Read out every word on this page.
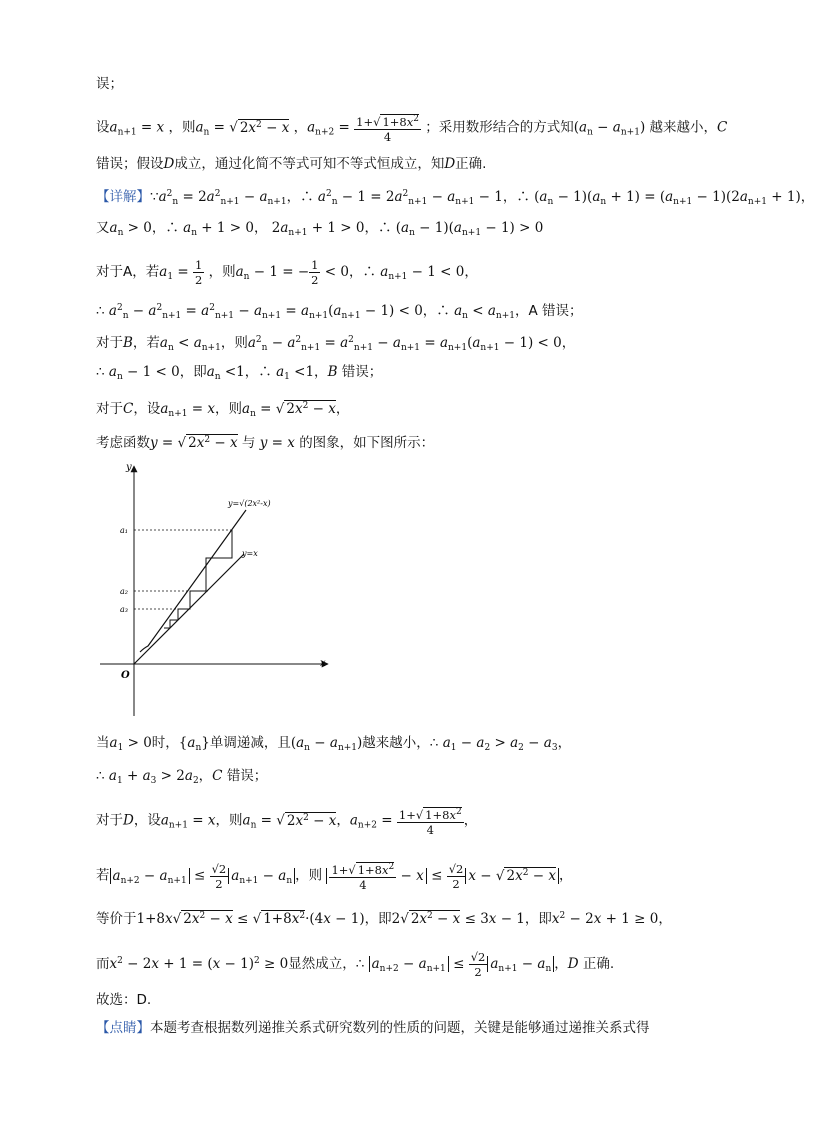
误；
设$a_{n+1} = x$ ，则$a_n$ = √ $2x^2 - x$ ，$a_{n+2} = \frac{1+√ 1+8x^2}{4}$ ；采用数形结合的方式知$(a_n - a_{n+1})$ 越来越小，C
错误；假设D成立，通过化简不等式可知不等式恒成立，知D正确.
【详解】$\because a^2_n = 2a^2_{n+1} - a_{n+1}$，∴ $a^2_n - 1 = 2a^2_{n+1} - a_{n+1} - 1$，∴ $(a_n - 1)(a_n + 1) = (a_{n+1} - 1)(2a_{n+1} + 1)$，
又$a_n > 0$，∴ $a_n + 1 > 0$， $2a_{n+1} + 1 > 0$，∴ $(a_n - 1)(a_{n+1} - 1) > 0$
对于A，若$a_1 = \frac{1}{2}$ ，则$a_n - 1$ = − $\frac{1}{2} < 0$，∴ $a_{n+1} - 1 < 0$，
∴ $a^2_n - a^2_{n+1} = a^2_{n+1} - a_{n+1} = a_{n+1}(a_{n+1} - 1) < 0$，∴ $a_n < a_{n+1}$，A 错误；
对于B，若$a_n < a_{n+1}$，则$a^2_n - a^2_{n+1} = a^2_{n+1} - a_{n+1} = a_{n+1}(a_{n+1} - 1) < 0$，
∴ $a_n - 1 < 0$，即$a_n <1$，∴ $a_1 <1$，B 错误；
对于C，设$a_{n+1} = x$，则$a_n$ = √ $2x^2 - x$，
考虑函数y = √ $2x^2 - x$ 与 y = x 的图象，如下图所示：
y
x
O
y=x
y=√(2x²-x)
a₁
a₂
a₃
当$a_1 > 0$时，$\{a_n\}$单调递减，且$(a_n - a_{n+1})$越来越小，∴ $a_1 - a_2 > a_2 - a_3$，
∴ $a_1 + a_3 > 2a_2$，C 错误；
对于D，设$a_{n+1} = x$，则$a_n$ = √ $2x^2 - x$，$a_{n+2} = \frac{1+√ 1+8x^2}{4}$ ，
若 $a_{n+2} - a_{n+1} \le \frac{√2}{2} a_{n+1} - a_n$ ，则 $\frac{1+√ 1+8x^2}{4} - x \le \frac{√2}{2}$ x − √ $2x^2 - x$ ，
等价于1+8x√ $2x^2 - x$ ≤ √ $1+8x^2\cdot(4x - 1)$，即2√ $2x^2 - x \le 3x - 1$，即$x^2 - 2x + 1 \ge 0$，
而$x^2 - 2x + 1 = (x - 1)^2 \ge 0$显然成立，∴ $a_{n+2} - a_{n+1} \le \frac{√2}{2} a_{n+1} - a_n$ ，D 正确.
故选：D.
【点睛】本题考查根据数列递推关系式研究数列的性质的问题，关键是能够通过递推关系式得
